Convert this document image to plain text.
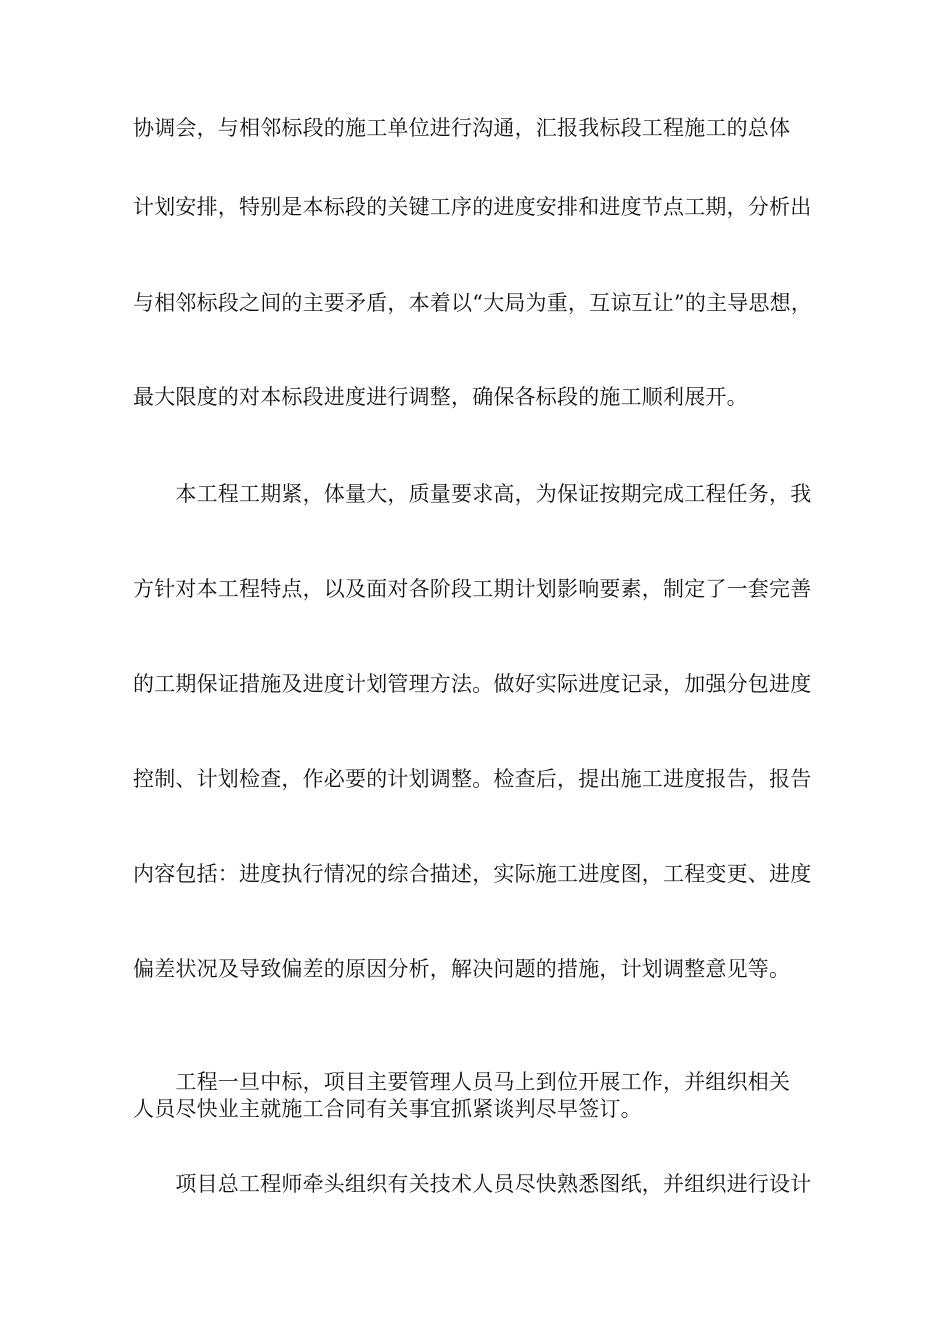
协调会，与相邻标段的施工单位进行沟通，汇报我标段工程施工的总体
计划安排，特别是本标段的关键工序的进度安排和进度节点工期，分析出
与相邻标段之间的主要矛盾，本着以“大局为重，互谅互让”的主导思想，
最大限度的对本标段进度进行调整，确保各标段的施工顺利展开。
　　本工程工期紧，体量大，质量要求高，为保证按期完成工程任务，我
方针对本工程特点，以及面对各阶段工期计划影响要素，制定了一套完善
的工期保证措施及进度计划管理方法。做好实际进度记录，加强分包进度
控制、计划检查，作必要的计划调整。检查后，提出施工进度报告，报告
内容包括：进度执行情况的综合描述，实际施工进度图，工程变更、进度
偏差状况及导致偏差的原因分析，解决问题的措施，计划调整意见等。
　　工程一旦中标，项目主要管理人员马上到位开展工作，并组织相关
人员尽快业主就施工合同有关事宜抓紧谈判尽早签订。
　　项目总工程师牵头组织有关技术人员尽快熟悉图纸，并组织进行设计
